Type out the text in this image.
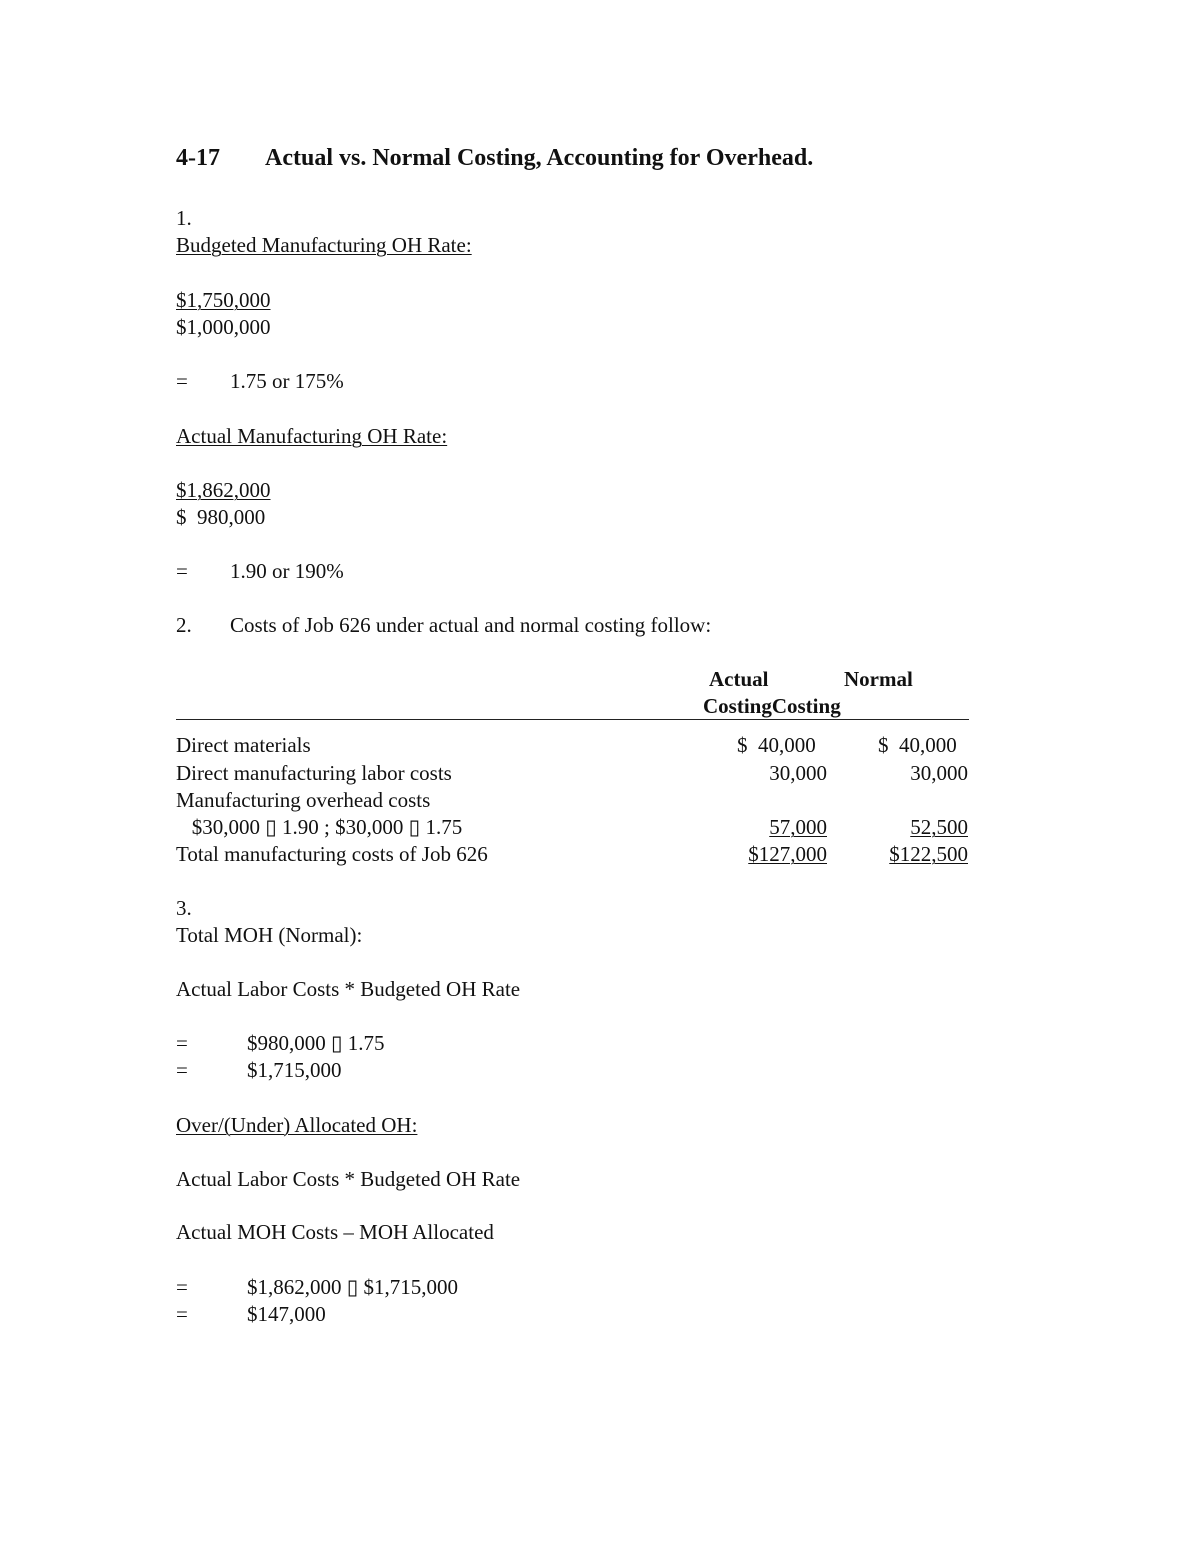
4-17 Actual vs. Normal Costing, Accounting for Overhead.
1.
Budgeted Manufacturing OH Rate:
$1,750,000
$1,000,000
= 1.75 or 175%
Actual Manufacturing OH Rate:
$1,862,000
$  980,000
= 1.90 or 190%
2. Costs of Job 626 under actual and normal costing follow:
Actual	Normal
CostingCosting
Direct materials	$  40,000	$  40,000
Direct manufacturing labor costs	30,000	30,000
Manufacturing overhead costs
$30,000 ▯ 1.90 ; $30,000 ▯ 1.75	57,000	52,500
Total manufacturing costs of Job 626	$127,000	$122,500
3.
Total MOH (Normal):
Actual Labor Costs * Budgeted OH Rate
=	$980,000 ▯ 1.75
=	$1,715,000
Over/(Under) Allocated OH:
Actual Labor Costs * Budgeted OH Rate
Actual MOH Costs – MOH Allocated
=	$1,862,000 ▯ $1,715,000
=	$147,000
